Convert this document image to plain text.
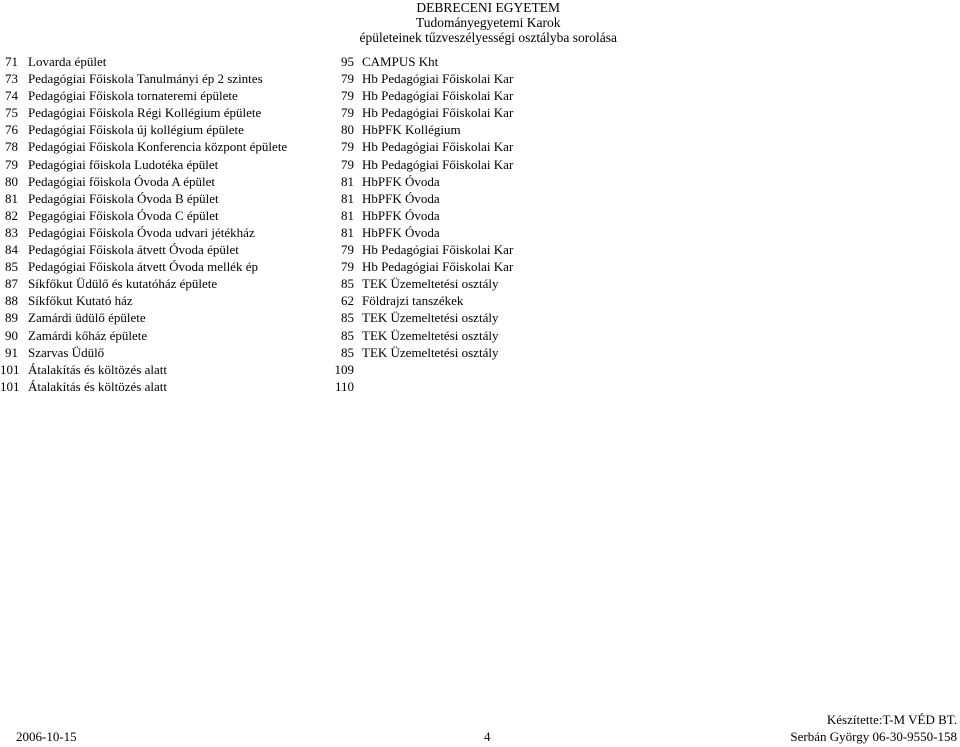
DEBRECENI EGYETEM
Tudományegyetemi Karok
épületeinek tűzveszélyességi osztályba sorolása
71 Lovarda épület	95 CAMPUS Kht
73 Pedagógiai Főiskola Tanulmányi ép 2 szintes	79 Hb Pedagógiai Főiskolai Kar
74 Pedagógiai Főiskola tornateremi épülete	79 Hb Pedagógiai Főiskolai Kar
75 Pedagógiai Főiskola Régi Kollégium épülete	79 Hb Pedagógiai Főiskolai Kar
76 Pedagógiai Főiskola új kollégium épülete	80 HbPFK Kollégium
78 Pedagógiai Főiskola Konferencia központ épülete	79 Hb Pedagógiai Főiskolai Kar
79 Pedagógiai főiskola Ludotéka épület	79 Hb Pedagógiai Főiskolai Kar
80 Pedagógiai főiskola Óvoda A épület	81 HbPFK Óvoda
81 Pedagógiai Főiskola Óvoda B épület	81 HbPFK Óvoda
82 Pegagógiai Főiskola Óvoda C épület	81 HbPFK Óvoda
83 Pedagógiai Főiskola Óvoda udvari jétékház	81 HbPFK Óvoda
84 Pedagógiai Főiskola átvett Óvoda épület	79 Hb Pedagógiai Főiskolai Kar
85 Pedagógiai Főiskola átvett Óvoda mellék ép	79 Hb Pedagógiai Főiskolai Kar
87 Síkfőkut Üdülő és kutatóház épülete	85 TEK Üzemeltetési osztály
88 Síkfőkut Kutató ház	62 Földrajzi tanszékek
89 Zamárdi üdülő épülete	85 TEK Üzemeltetési osztály
90 Zamárdi kőház épülete	85 TEK Üzemeltetési osztály
91 Szarvas Üdülő	85 TEK Üzemeltetési osztály
101 Átalakítás és költözés alatt	109
101 Átalakítás és költözés alatt	110
Készítette:T-M VÉD BT.
2006-10-15	4	Serbán György 06-30-9550-158
